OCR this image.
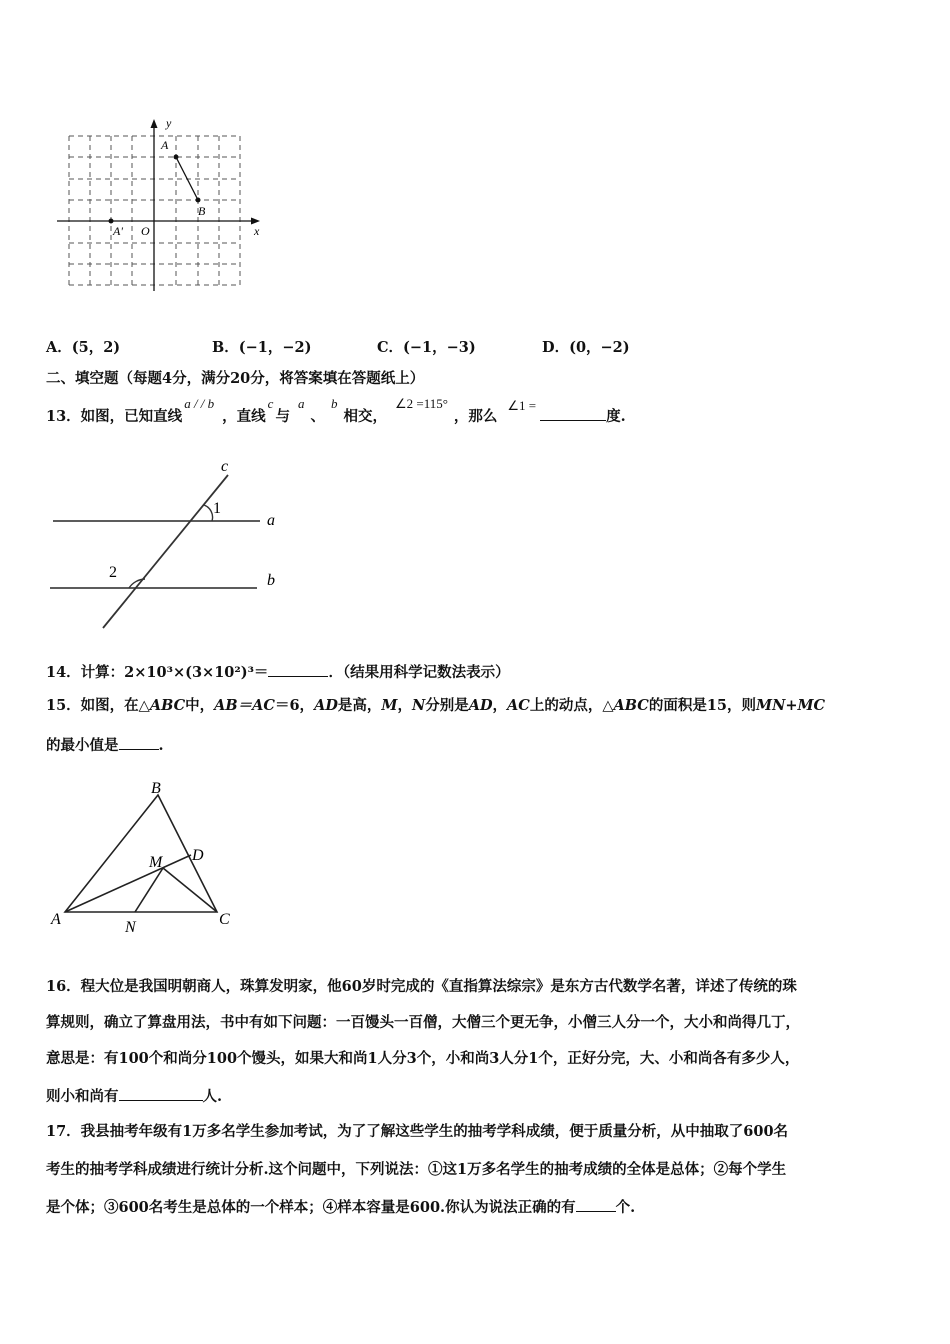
y
x
A
B
A' O
A．(5，2)	B．(−1，−2)	C．(−1，−3)	D．(0，−2)
二、填空题（每题4分，满分20分，将答案填在答题纸上）
13．如图，已知直线a / / b，直线c与a、b相交，∠2 =115°，那么∠1 =度.
c
a
b
1
2
14．计算：2×10³×(3×10²)³＝	．（结果用科学记数法表示）
15．如图，在△ABC中，AB＝AC＝6，AD是高，M，N分别是AD，AC上的动点，△ABC的面积是15，则MN+MC
的最小值是	.
A
B
C
D
M
N
16．程大位是我国明朝商人，珠算发明家，他60岁时完成的《直指算法综宗》是东方古代数学名著，详述了传统的珠
算规则，确立了算盘用法，书中有如下问题：一百馒头一百僧，大僧三个更无争，小僧三人分一个，大小和尚得几丁，
意思是：有100个和尚分100个馒头，如果大和尚1人分3个，小和尚3人分1个，正好分完，大、小和尚各有多少人，
则小和尚有	人.
17．我县抽考年级有1万多名学生参加考试，为了了解这些学生的抽考学科成绩，便于质量分析，从中抽取了600名
考生的抽考学科成绩进行统计分析.这个问题中，下列说法：①这1万多名学生的抽考成绩的全体是总体；②每个学生
是个体；③600名考生是总体的一个样本；④样本容量是600.你认为说法正确的有	个.
